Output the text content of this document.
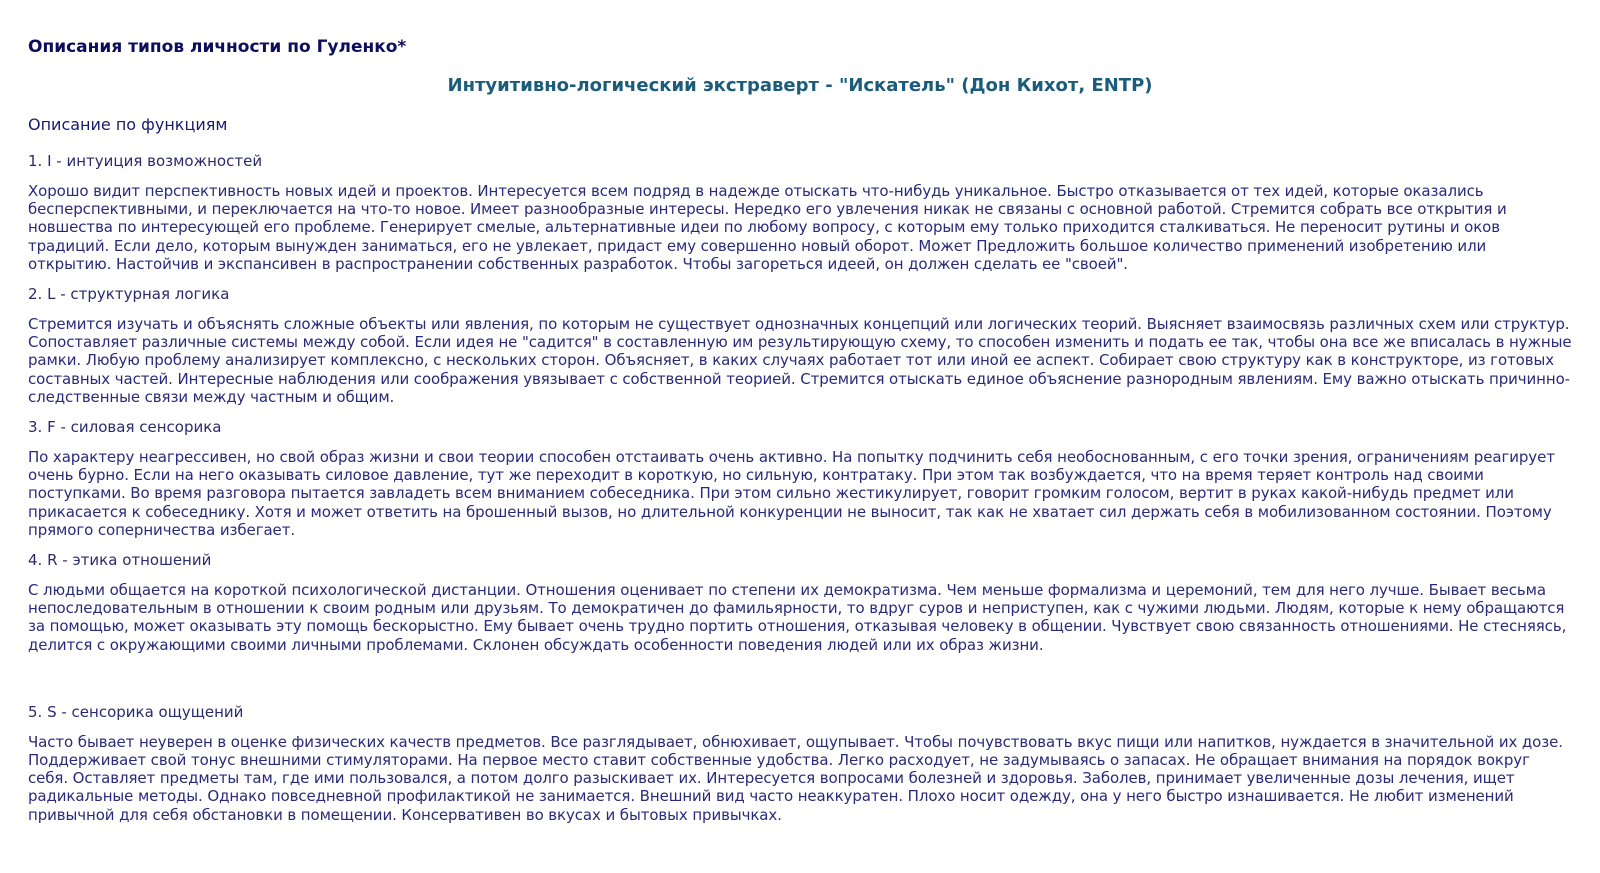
Описания типов личности по Гуленко*
Интуитивно-логический экстраверт - "Искатель" (Дон Кихот, ENTP)
Описание по функциям
1. I - интуиция возможностей

Хорошо видит перспективность новых идей и проектов. Интересуется всем подряд в надежде отыскать что-нибудь уникальное. Быстро отказывается от тех идей, которые оказались бесперспективными, и переключается на что-то новое. Имеет разнообразные интересы. Нередко его увлечения никак не связаны с основной работой. Стремится собрать все открытия и новшества по интересующей его проблеме. Генерирует смелые, альтернативные идеи по любому вопросу, с которым ему только приходится сталкиваться. Не переносит рутины и оков традиций. Если дело, которым вынужден заниматься, его не увлекает, придаст ему совершенно новый оборот. Может Предложить большое количество применений изобретению или открытию. Настойчив и экспансивен в распространении собственных разработок. Чтобы загореться идеей, он должен сделать ее "своей".

2. L - структурная логика

Стремится изучать и объяснять сложные объекты или явления, по которым не существует однозначных концепций или логических теорий. Выясняет взаимосвязь различных схем или структур. Сопоставляет различные системы между собой. Если идея не "садится" в составленную им результирующую схему, то способен изменить и подать ее так, чтобы она все же вписалась в нужные рамки. Любую проблему анализирует комплексно, с нескольких сторон. Объясняет, в каких случаях работает тот или иной ее аспект. Собирает свою структуру как в конструкторе, из готовых составных частей. Интересные наблюдения или соображения увязывает с собственной теорией. Стремится отыскать единое объяснение разнородным явлениям. Ему важно отыскать причинно-следственные связи между частным и общим.

3. F - силовая сенсорика

По характеру неагрессивен, но свой образ жизни и свои теории способен отстаивать очень активно. На попытку подчинить себя необоснованным, с его точки зрения, ограничениям реагирует очень бурно. Если на него оказывать силовое давление, тут же переходит в короткую, но сильную, контратаку. При этом так возбуждается, что на время теряет контроль над своими поступками. Во время разговора пытается завладеть всем вниманием собеседника. При этом сильно жестикулирует, говорит громким голосом, вертит в руках какой-нибудь предмет или прикасается к собеседнику. Хотя и может ответить на брошенный вызов, но длительной конкуренции не выносит, так как не хватает сил держать себя в мобилизованном состоянии. Поэтому прямого соперничества избегает.

4. R - этика отношений

С людьми общается на короткой психологической дистанции. Отношения оценивает по степени их демократизма. Чем меньше формализма и церемоний, тем для него лучше. Бывает весьма непоследовательным в отношении к своим родным или друзьям. То демократичен до фамильярности, то вдруг суров и неприступен, как с чужими людьми. Людям, которые к нему обращаются за помощью, может оказывать эту помощь бескорыстно. Ему бывает очень трудно портить отношения, отказывая человеку в общении. Чувствует свою связанность отношениями. Не стесняясь, делится с окружающими своими личными проблемами. Склонен обсуждать особенности поведения людей или их образ жизни.

5. S - сенсорика ощущений

Часто бывает неуверен в оценке физических качеств предметов. Все разглядывает, обнюхивает, ощупывает. Чтобы почувствовать вкус пищи или напитков, нуждается в значительной их дозе. Поддерживает свой тонус внешними стимуляторами. На первое место ставит собственные удобства. Легко расходует, не задумываясь о запасах. Не обращает внимания на порядок вокруг себя. Оставляет предметы там, где ими пользовался, а потом долго разыскивает их. Интересуется вопросами болезней и здоровья. Заболев, принимает увеличенные дозы лечения, ищет радикальные методы. Однако повседневной профилактикой не занимается. Внешний вид часто неаккуратен. Плохо носит одежду, она у него быстро изнашивается. Не любит изменений привычной для себя обстановки в помещении. Консервативен во вкусах и бытовых привычках.
